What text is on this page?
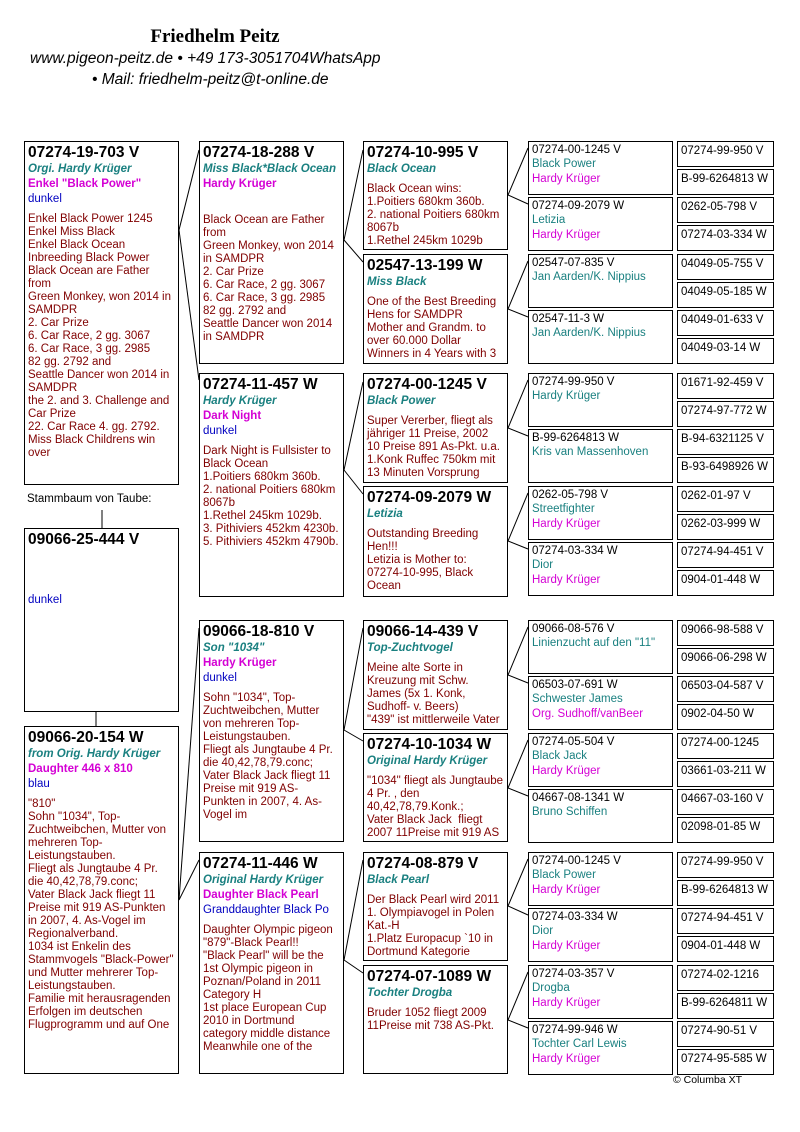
Friedhelm Peitz
www.pigeon-peitz.de • +49 173-3051704WhatsApp
• Mail: friedhelm-peitz@t-online.de
Stammbaum von Taube:
07274-19-703 V
Orgi. Hardy Krüger
Enkel "Black Power"
dunkel
Enkel Black Power 1245
Enkel Miss Black
Enkel Black Ocean
Inbreeding Black Power
Black Ocean are Father from
Green Monkey, won 2014 in SAMDPR
2. Car Prize
6. Car Race, 2 gg. 3067
6. Car Race, 3 gg. 2985
82 gg. 2792 and
Seattle Dancer won 2014 in SAMDPR
the 2. and 3. Challenge and Car Prize
22. Car Race 4. gg. 2792.
Miss Black Childrens win over
09066-25-444 V
dunkel
09066-20-154 W
from Orig. Hardy Krüger
Daughter 446 x 810
blau
"810"
Sohn "1034", Top-Zuchtweibchen, Mutter von mehreren Top-Leistungstauben.
Fliegt als Jungtaube 4 Pr. die 40,42,78,79.conc;
Vater Black Jack fliegt 11 Preise mit 919 AS-Punkten in 2007, 4. As-Vogel im Regionalverband.
1034 ist Enkelin des Stammvogels "Black-Power" und Mutter mehrerer Top-Leistungstauben.
Familie mit herausragenden Erfolgen im deutschen Flugprogramm und auf One
07274-18-288 V
Miss Black*Black Ocean
Hardy Krüger
Black Ocean are Father from
Green Monkey, won 2014 in SAMDPR
2. Car Prize
6. Car Race, 2 gg. 3067
6. Car Race, 3 gg. 2985
82 gg. 2792 and
Seattle Dancer won 2014 in SAMDPR
07274-11-457 W
Hardy Krüger
Dark Night
dunkel
Dark Night is Fullsister to Black Ocean
1.Poitiers 680km 360b.
2. national Poitiers 680km 8067b
1.Rethel 245km 1029b.
3. Pithiviers 452km 4230b.
5. Pithiviers 452km 4790b.
09066-18-810 V
Son "1034"
Hardy Krüger
dunkel
Sohn "1034", Top-Zuchtweibchen, Mutter von mehreren Top-Leistungstauben.
Fliegt als Jungtaube 4 Pr. die 40,42,78,79.conc;
Vater Black Jack fliegt 11 Preise mit 919 AS-Punkten in 2007, 4. As-Vogel im
07274-11-446 W
Original Hardy Krüger
Daughter Black Pearl
Granddaughter Black Po
Daughter Olympic pigeon "879"-Black Pearl!!
"Black Pearl" will be the 1st Olympic pigeon in Poznan/Poland in 2011 Category H
1st place European Cup 2010 in Dortmund category middle distance
Meanwhile one of the
07274-10-995 V
Black Ocean
Black Ocean wins:
1.Poitiers 680km 360b.
2. national Poitiers 680km 8067b
1.Rethel 245km 1029b
02547-13-199 W
Miss Black
One of the Best Breeding Hens for SAMDPR
Mother and Grandm. to over 60.000 Dollar
Winners in 4 Years with 3
07274-00-1245 V
Black Power
Super Vererber, fliegt als jähriger 11 Preise, 2002
10 Preise 891 As-Pkt. u.a.
1.Konk Ruffec 750km mit
13 Minuten Vorsprung
07274-09-2079 W
Letizia
Outstanding Breeding Hen!!!
Letizia is Mother to:
07274-10-995, Black Ocean
09066-14-439 V
Top-Zuchtvogel
Meine alte Sorte in Kreuzung mit Schw. James (5x 1. Konk, Sudhoff- v. Beers)
"439" ist mittlerweile Vater
07274-10-1034 W
Original Hardy Krüger
"1034" fliegt als Jungtaube 4 Pr. , den 40,42,78,79.Konk.;
Vater Black Jack  fliegt
2007 11Preise mit 919 AS
07274-08-879 V
Black Pearl
Der Black Pearl wird 2011
1. Olympiavogel in Polen Kat.-H
1.Platz Europacup `10 in Dortmund Kategorie
07274-07-1089 W
Tochter Drogba
Bruder 1052 fliegt 2009
11Preise mit 738 AS-Pkt.
07274-00-1245 V
Black Power
Hardy Krüger
07274-09-2079 W
Letizia
Hardy Krüger
02547-07-835 V
Jan Aarden/K. Nippius
02547-11-3 W
Jan Aarden/K. Nippius
07274-99-950 V
Hardy Krüger
B-99-6264813 W
Kris van Massenhoven
0262-05-798 V
Streetfighter
Hardy Krüger
07274-03-334 W
Dior
Hardy Krüger
09066-08-576 V
Linienzucht auf den "11"
06503-07-691 W
Schwester James
Org. Sudhoff/vanBeer
07274-05-504 V
Black Jack
Hardy Krüger
04667-08-1341 W
Bruno Schiffen
07274-00-1245 V
Black Power
Hardy Krüger
07274-03-334 W
Dior
Hardy Krüger
07274-03-357 V
Drogba
Hardy Krüger
07274-99-946 W
Tochter Carl Lewis
Hardy Krüger
07274-99-950 V
B-99-6264813 W
0262-05-798 V
07274-03-334 W
04049-05-755 V
04049-05-185 W
04049-01-633 V
04049-03-14 W
01671-92-459 V
07274-97-772 W
B-94-6321125 V
B-93-6498926 W
0262-01-97 V
0262-03-999 W
07274-94-451 V
0904-01-448 W
09066-98-588 V
09066-06-298 W
06503-04-587 V
0902-04-50 W
07274-00-1245
03661-03-211 W
04667-03-160 V
02098-01-85 W
07274-99-950 V
B-99-6264813 W
07274-94-451 V
0904-01-448 W
07274-02-1216
B-99-6264811 W
07274-90-51 V
07274-95-585 W
© Columba XT
